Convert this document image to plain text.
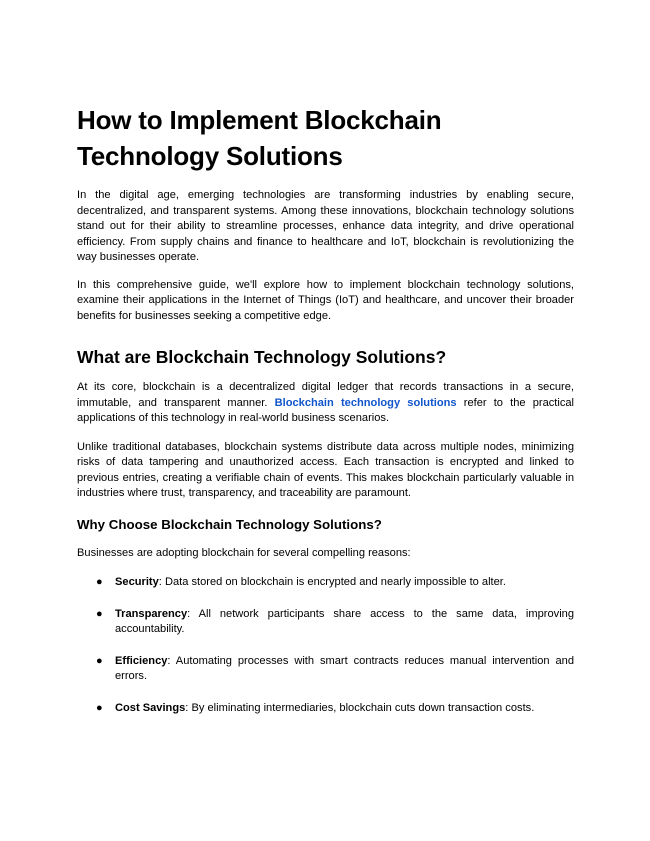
How to Implement Blockchain
Technology Solutions

In the digital age, emerging technologies are transforming industries by enabling secure, decentralized, and transparent systems. Among these innovations, blockchain technology solutions stand out for their ability to streamline processes, enhance data integrity, and drive operational efficiency. From supply chains and finance to healthcare and IoT, blockchain is revolutionizing the way businesses operate.

In this comprehensive guide, we'll explore how to implement blockchain technology solutions, examine their applications in the Internet of Things (IoT) and healthcare, and uncover their broader benefits for businesses seeking a competitive edge.

What are Blockchain Technology Solutions?

At its core, blockchain is a decentralized digital ledger that records transactions in a secure, immutable, and transparent manner. Blockchain technology solutions refer to the practical applications of this technology in real-world business scenarios.

Unlike traditional databases, blockchain systems distribute data across multiple nodes, minimizing risks of data tampering and unauthorized access. Each transaction is encrypted and linked to previous entries, creating a verifiable chain of events. This makes blockchain particularly valuable in industries where trust, transparency, and traceability are paramount.

Why Choose Blockchain Technology Solutions?

Businesses are adopting blockchain for several compelling reasons:

● Security: Data stored on blockchain is encrypted and nearly impossible to alter.
● Transparency: All network participants share access to the same data, improving accountability.
● Efficiency: Automating processes with smart contracts reduces manual intervention and errors.
● Cost Savings: By eliminating intermediaries, blockchain cuts down transaction costs.
